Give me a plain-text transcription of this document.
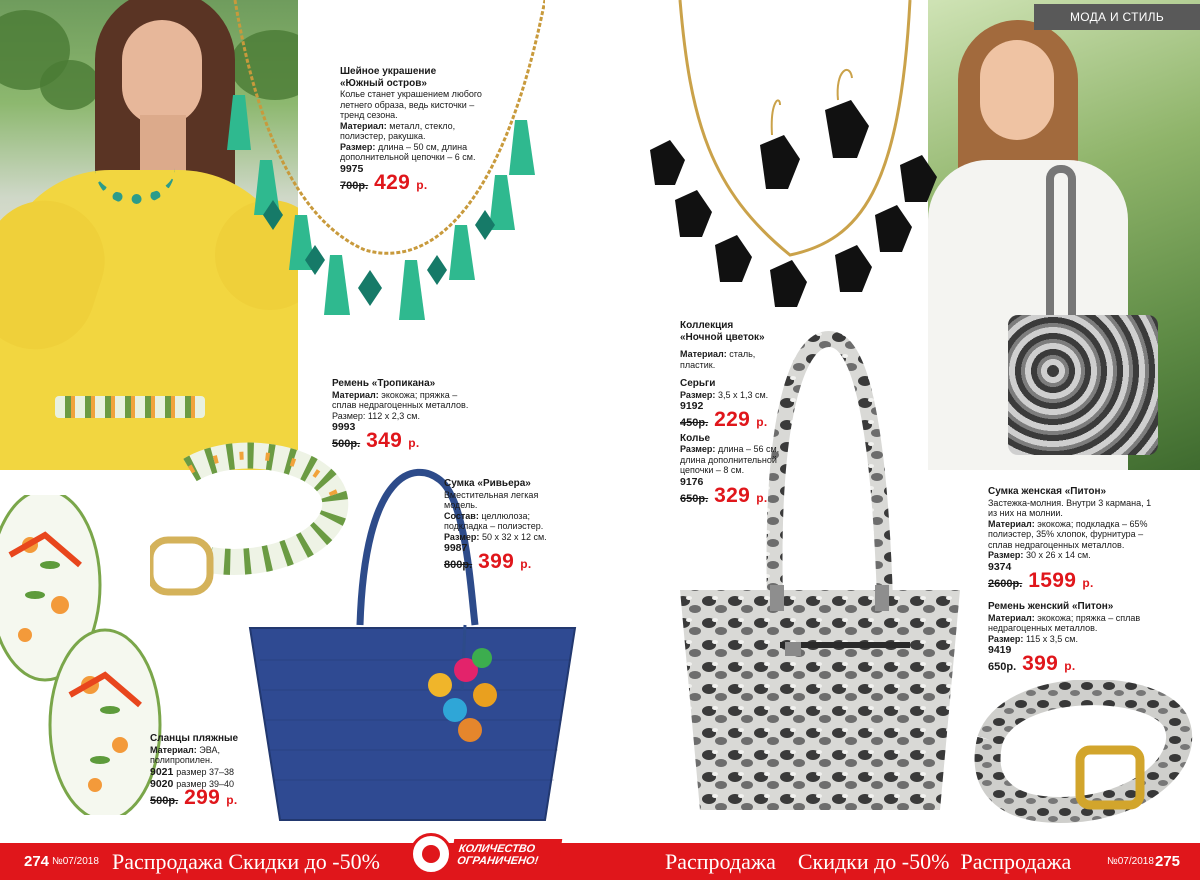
МОДА И СТИЛЬ
Шейное украшение
«Южный остров»
Колье станет украшением любого летнего образа, ведь кисточки – тренд сезона.
Материал: металл, стекло, полиэстер, ракушка.
Размер: длина – 50 см, длина дополнительной цепочки – 6 см.
9975
700р. 429 р.
Ремень «Тропикана»
Материал: экокожа; пряжка – сплав недрагоценных металлов.
Размер: 112 x 2,3 см.
9993
500р. 349 р.
Сумка «Ривьера»
Вместительная легкая модель.
Состав: целлюлоза; подкладка – полиэстер.
Размер: 50 x 32 x 12 см.
9987
800р. 399 р.
Сланцы пляжные
Материал: ЭВА, полипропилен.

9021 размер 37–38
9020 размер 39–40
500р. 299 р.
Коллекция
«Ночной цветок»
Материал: сталь, пластик.
Серьги
Размер: 3,5 x 1,3 см.
9192
450р. 229 р.
Колье
Размер: длина – 56 см, длина дополнительной цепочки – 8 см.
9176
650р. 329 р.	Сумка женская «Питон»
Застежка-молния. Внутри 3 кармана, 1 из них на молнии.
Материал: экокожа; подкладка – 65% полиэстер, 35% хлопок, фурнитура – сплав недрагоценных металлов.
Размер: 30 x 26 x 14 см.
9374
2600р. 1599 р.
Ремень женский «Питон»
Материал: экокожа; пряжка – сплав недрагоценных металлов.
Размер: 115 x 3,5 см.
9419
650р. 399 р.
274 №07/2018 Распродажа Скидки до -50%	Распродажа    Скидки до -50%  Распродажа	№07/2018 275
КОЛИЧЕСТВО
ОГРАНИЧЕНО!
